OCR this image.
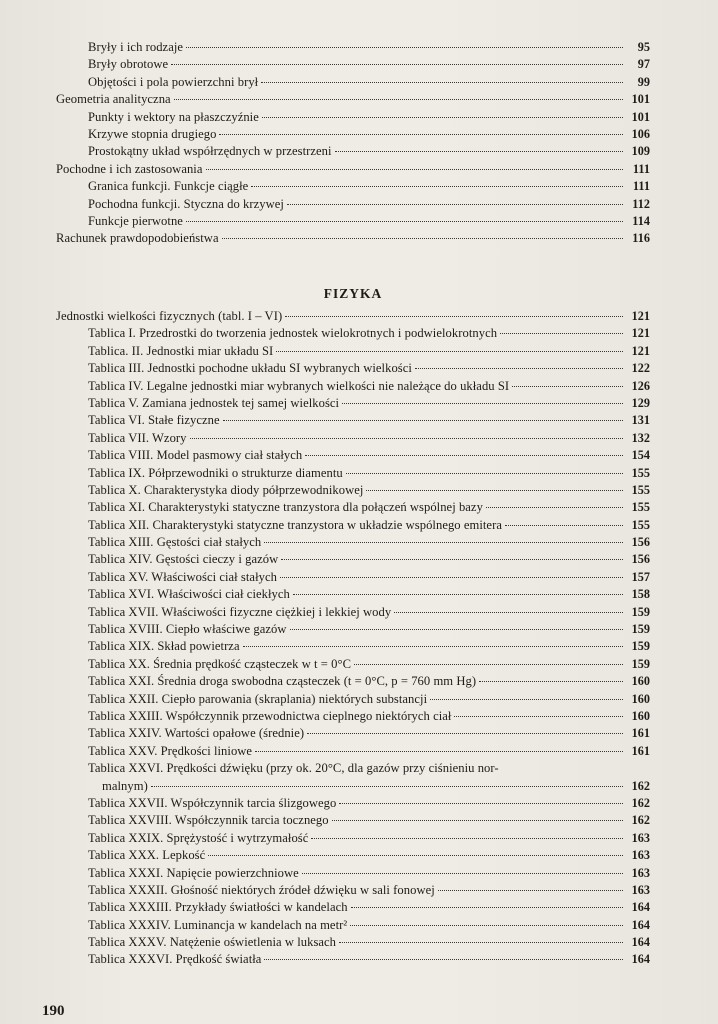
Bryły i ich rodzaje	95
Bryły obrotowe	97
Objętości i pola powierzchni brył	99
Geometria analityczna	101
Punkty i wektory na płaszczyźnie	101
Krzywe stopnia drugiego	106
Prostokątny układ współrzędnych w przestrzeni	109
Pochodne i ich zastosowania	111
Granica funkcji. Funkcje ciągłe	111
Pochodna funkcji. Styczna do krzywej	112
Funkcje pierwotne	114
Rachunek prawdopodobieństwa	116
FIZYKA
Jednostki wielkości fizycznych (tabl. I – VI)	121
Tablica I. Przedrostki do tworzenia jednostek wielokrotnych i podwielokrotnych	121
Tablica. II. Jednostki miar układu SI	121
Tablica III. Jednostki pochodne układu SI wybranych wielkości	122
Tablica IV. Legalne jednostki miar wybranych wielkości nie należące do układu SI	126
Tablica V. Zamiana jednostek tej samej wielkości	129
Tablica VI. Stałe fizyczne	131
Tablica VII. Wzory	132
Tablica VIII. Model pasmowy ciał stałych	154
Tablica IX. Półprzewodniki o strukturze diamentu	155
Tablica X. Charakterystyka diody półprzewodnikowej	155
Tablica XI. Charakterystyki statyczne tranzystora dla połączeń wspólnej bazy	155
Tablica XII. Charakterystyki statyczne tranzystora w układzie wspólnego emitera	155
Tablica XIII. Gęstości ciał stałych	156
Tablica XIV. Gęstości cieczy i gazów	156
Tablica XV. Właściwości ciał stałych	157
Tablica XVI. Właściwości ciał ciekłych	158
Tablica XVII. Właściwości fizyczne ciężkiej i lekkiej wody	159
Tablica XVIII. Ciepło właściwe gazów	159
Tablica XIX. Skład powietrza	159
Tablica XX. Średnia prędkość cząsteczek w t = 0°C	159
Tablica XXI. Średnia droga swobodna cząsteczek (t = 0°C, p = 760 mm Hg)	160
Tablica XXII. Ciepło parowania (skraplania) niektórych substancji	160
Tablica XXIII. Współczynnik przewodnictwa cieplnego niektórych ciał	160
Tablica XXIV. Wartości opałowe (średnie)	161
Tablica XXV. Prędkości liniowe	161
Tablica XXVI. Prędkości dźwięku (przy ok. 20°C, dla gazów przy ciśnieniu nor-
malnym)	162
Tablica XXVII. Współczynnik tarcia ślizgowego	162
Tablica XXVIII. Współczynnik tarcia tocznego	162
Tablica XXIX. Sprężystość i wytrzymałość	163
Tablica XXX. Lepkość	163
Tablica XXXI. Napięcie powierzchniowe	163
Tablica XXXII. Głośność niektórych źródeł dźwięku w sali fonowej	163
Tablica XXXIII. Przykłady światłości w kandelach	164
Tablica XXXIV. Luminancja w kandelach na metr²	164
Tablica XXXV. Natężenie oświetlenia w luksach	164
Tablica XXXVI. Prędkość światła	164
190
